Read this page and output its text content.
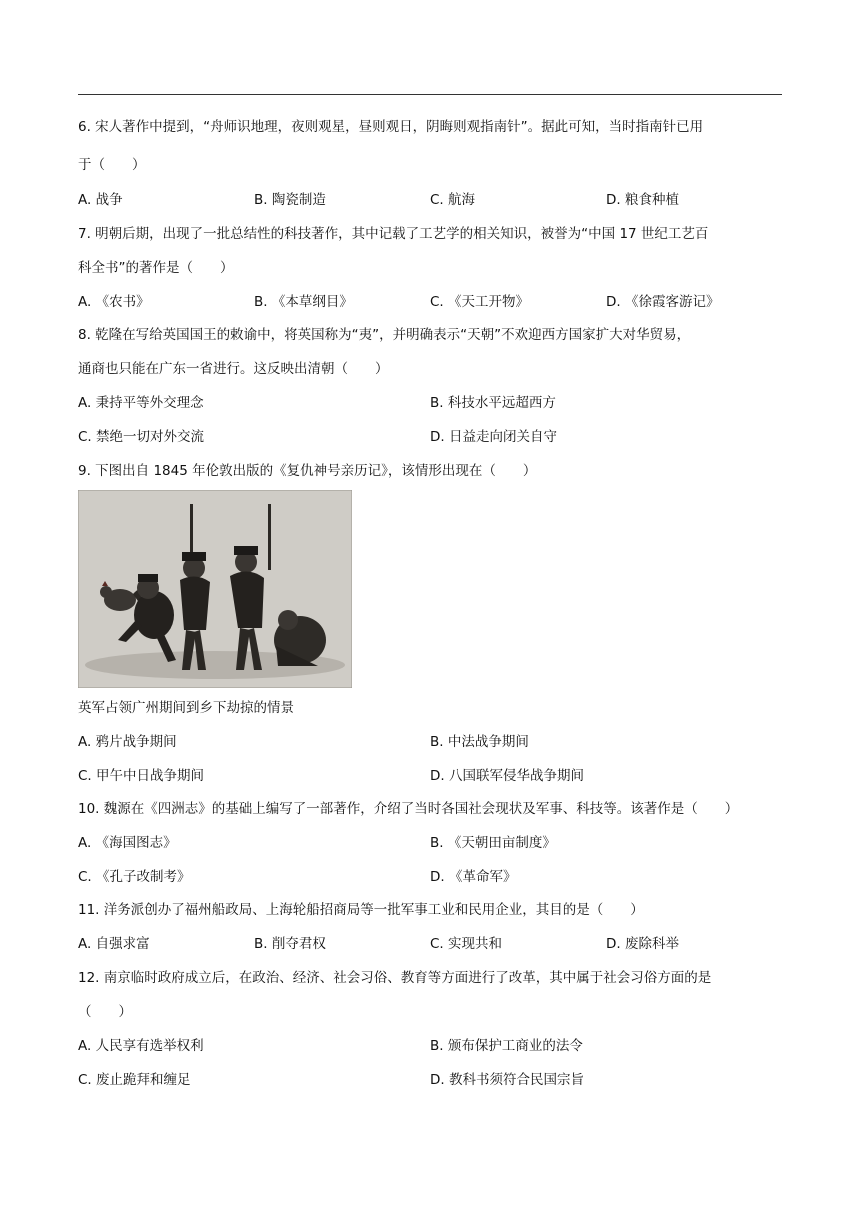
6. 宋人著作中提到，“舟师识地理，夜则观星，昼则观日，阴晦则观指南针”。据此可知，当时指南针已用
于（　　）
A. 战争	B. 陶瓷制造	C. 航海	D. 粮食种植
7. 明朝后期，出现了一批总结性的科技著作，其中记载了工艺学的相关知识，被誉为“中国 17 世纪工艺百
科全书”的著作是（　　）
A. 《农书》	B. 《本草纲目》	C. 《天工开物》	D. 《徐霞客游记》
8. 乾隆在写给英国国王的敕谕中，将英国称为“夷”，并明确表示“天朝”不欢迎西方国家扩大对华贸易，
通商也只能在广东一省进行。这反映出清朝（　　）
A. 秉持平等外交理念	B. 科技水平远超西方
C. 禁绝一切对外交流	D. 日益走向闭关自守
9. 下图出自 1845 年伦敦出版的《复仇神号亲历记》，该情形出现在（　　）
英军占领广州期间到乡下劫掠的情景
A. 鸦片战争期间	B. 中法战争期间
C. 甲午中日战争期间	D. 八国联军侵华战争期间
10. 魏源在《四洲志》的基础上编写了一部著作，介绍了当时各国社会现状及军事、科技等。该著作是（　　）
A. 《海国图志》	B. 《天朝田亩制度》
C. 《孔子改制考》	D. 《革命军》
11. 洋务派创办了福州船政局、上海轮船招商局等一批军事工业和民用企业，其目的是（　　）
A. 自强求富	B. 削夺君权	C. 实现共和	D. 废除科举
12. 南京临时政府成立后，在政治、经济、社会习俗、教育等方面进行了改革，其中属于社会习俗方面的是
（　　）
A. 人民享有选举权利	B. 颁布保护工商业的法令
C. 废止跪拜和缠足	D. 教科书须符合民国宗旨
